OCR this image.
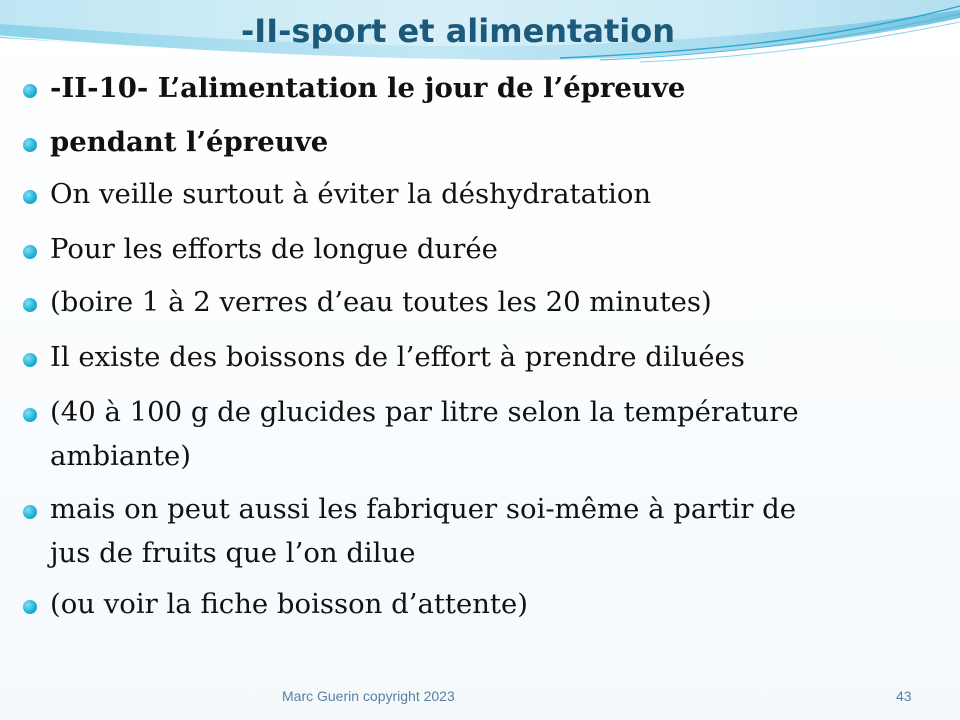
-II-sport et alimentation
-II-10- L’alimentation le jour de l’épreuve
pendant l’épreuve
On veille surtout à éviter la déshydratation
Pour les efforts de longue durée
(boire 1 à 2 verres d’eau toutes les 20 minutes)
Il existe des boissons de l’effort à prendre diluées
(40 à 100 g de glucides par litre selon la température
ambiante)
mais on peut aussi les fabriquer soi-même à partir de
jus de fruits que l’on dilue
(ou voir la fiche boisson d’attente)
Marc Guerin copyright 2023	43
